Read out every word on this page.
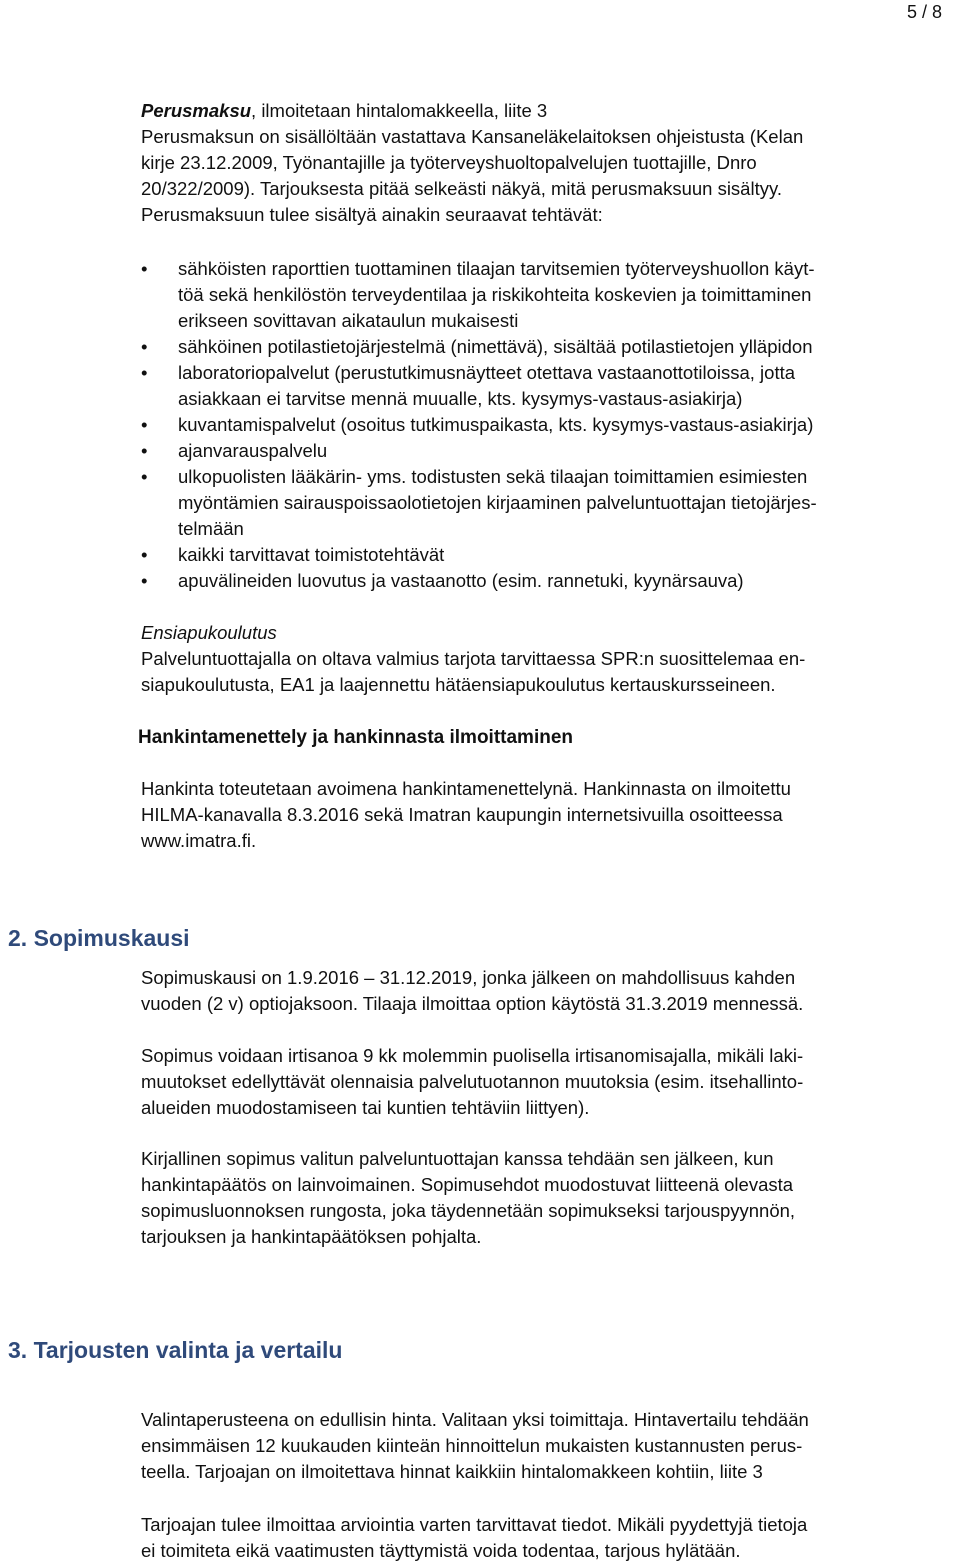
5 / 8

Perusmaksu, ilmoitetaan hintalomakkeella, liite 3

Perusmaksun on sisällöltään vastattava Kansaneläkelaitoksen ohjeistusta (Kelan

kirje 23.12.2009, Työnantajille ja työterveyshuoltopalvelujen tuottajille, Dnro

20/322/2009). Tarjouksesta pitää selkeästi näkyä, mitä perusmaksuun sisältyy.

Perusmaksuun tulee sisältyä ainakin seuraavat tehtävät:

• sähköisten raporttien tuottaminen tilaajan tarvitsemien työterveyshuollon käyt-
töä sekä henkilöstön terveydentilaa ja riskikohteita koskevien ja toimittaminen
erikseen sovittavan aikataulun mukaisesti
• sähköinen potilastietojärjestelmä (nimettävä), sisältää potilastietojen ylläpidon
• laboratoriopalvelut (perustutkimusnäytteet otettava vastaanottotiloissa, jotta
asiakkaan ei tarvitse mennä muualle, kts. kysymys-vastaus-asiakirja)
• kuvantamispalvelut (osoitus tutkimuspaikasta, kts. kysymys-vastaus-asiakirja)
• ajanvarauspalvelu
• ulkopuolisten lääkärin- yms. todistusten sekä tilaajan toimittamien esimiesten
myöntämien sairauspoissaolotietojen kirjaaminen palveluntuottajan tietojärjes-
telmään
• kaikki tarvittavat toimistotehtävät
• apuvälineiden luovutus ja vastaanotto (esim. rannetuki, kyynärsauva)

Ensiapukoulutus

Palveluntuottajalla on oltava valmius tarjota tarvittaessa SPR:n suosittelemaa en-

siapukoulutusta, EA1 ja laajennettu hätäensiapukoulutus kertauskursseineen.

Hankintamenettely ja hankinnasta ilmoittaminen

Hankinta toteutetaan avoimena hankintamenettelynä. Hankinnasta on ilmoitettu

HILMA-kanavalla 8.3.2016 sekä Imatran kaupungin internetsivuilla osoitteessa

www.imatra.fi.

2. Sopimuskausi

Sopimuskausi on 1.9.2016 – 31.12.2019, jonka jälkeen on mahdollisuus kahden

vuoden (2 v) optiojaksoon. Tilaaja ilmoittaa option käytöstä 31.3.2019 mennessä.

Sopimus voidaan irtisanoa 9 kk molemmin puolisella irtisanomisajalla, mikäli laki-

muutokset edellyttävät olennaisia palvelutuotannon muutoksia (esim. itsehallinto-

alueiden muodostamiseen tai kuntien tehtäviin liittyen).

Kirjallinen sopimus valitun palveluntuottajan kanssa tehdään sen jälkeen, kun

hankintapäätös on lainvoimainen. Sopimusehdot muodostuvat liitteenä olevasta

sopimusluonnoksen rungosta, joka täydennetään sopimukseksi tarjouspyynnön,

tarjouksen ja hankintapäätöksen pohjalta.

3. Tarjousten valinta ja vertailu

Valintaperusteena on edullisin hinta. Valitaan yksi toimittaja. Hintavertailu tehdään

ensimmäisen 12 kuukauden kiinteän hinnoittelun mukaisten kustannusten perus-

teella. Tarjoajan on ilmoitettava hinnat kaikkiin hintalomakkeen kohtiin, liite 3

Tarjoajan tulee ilmoittaa arviointia varten tarvittavat tiedot. Mikäli pyydettyjä tietoja

ei toimiteta eikä vaatimusten täyttymistä voida todentaa, tarjous hylätään.
